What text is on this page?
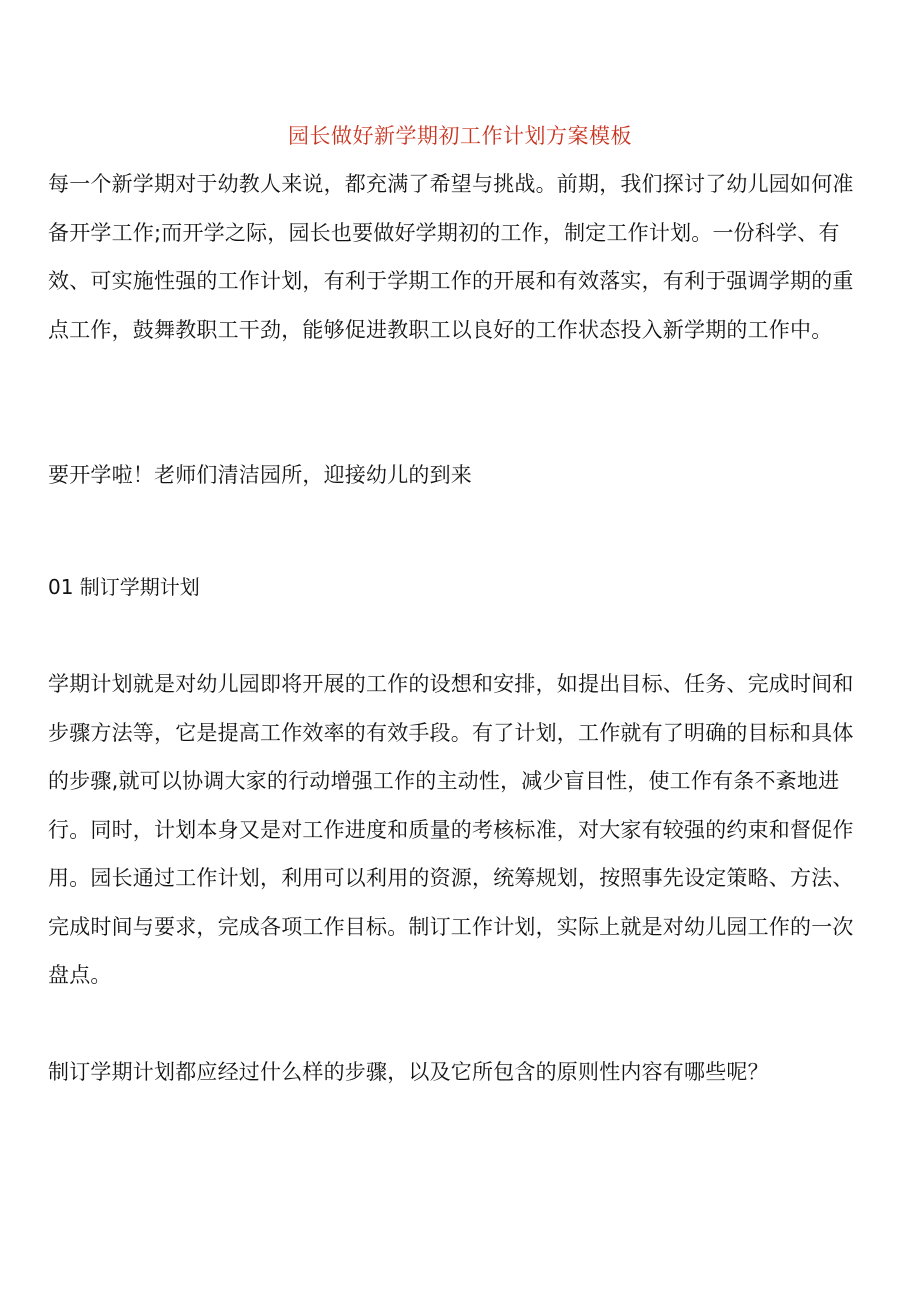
园长做好新学期初工作计划方案模板

每一个新学期对于幼教人来说，都充满了希望与挑战。前期，我们探讨了幼儿园如何准备开学工作;而开学之际，园长也要做好学期初的工作，制定工作计划。一份科学、有效、可实施性强的工作计划，有利于学期工作的开展和有效落实，有利于强调学期的重点工作，鼓舞教职工干劲，能够促进教职工以良好的工作状态投入新学期的工作中。

要开学啦！老师们清洁园所，迎接幼儿的到来

01 制订学期计划

学期计划就是对幼儿园即将开展的工作的设想和安排，如提出目标、任务、完成时间和步骤方法等，它是提高工作效率的有效手段。有了计划，工作就有了明确的目标和具体的步骤,就可以协调大家的行动增强工作的主动性，减少盲目性，使工作有条不紊地进行。同时，计划本身又是对工作进度和质量的考核标准，对大家有较强的约束和督促作用。园长通过工作计划，利用可以利用的资源，统筹规划，按照事先设定策略、方法、完成时间与要求，完成各项工作目标。制订工作计划，实际上就是对幼儿园工作的一次盘点。

制订学期计划都应经过什么样的步骤，以及它所包含的原则性内容有哪些呢？
